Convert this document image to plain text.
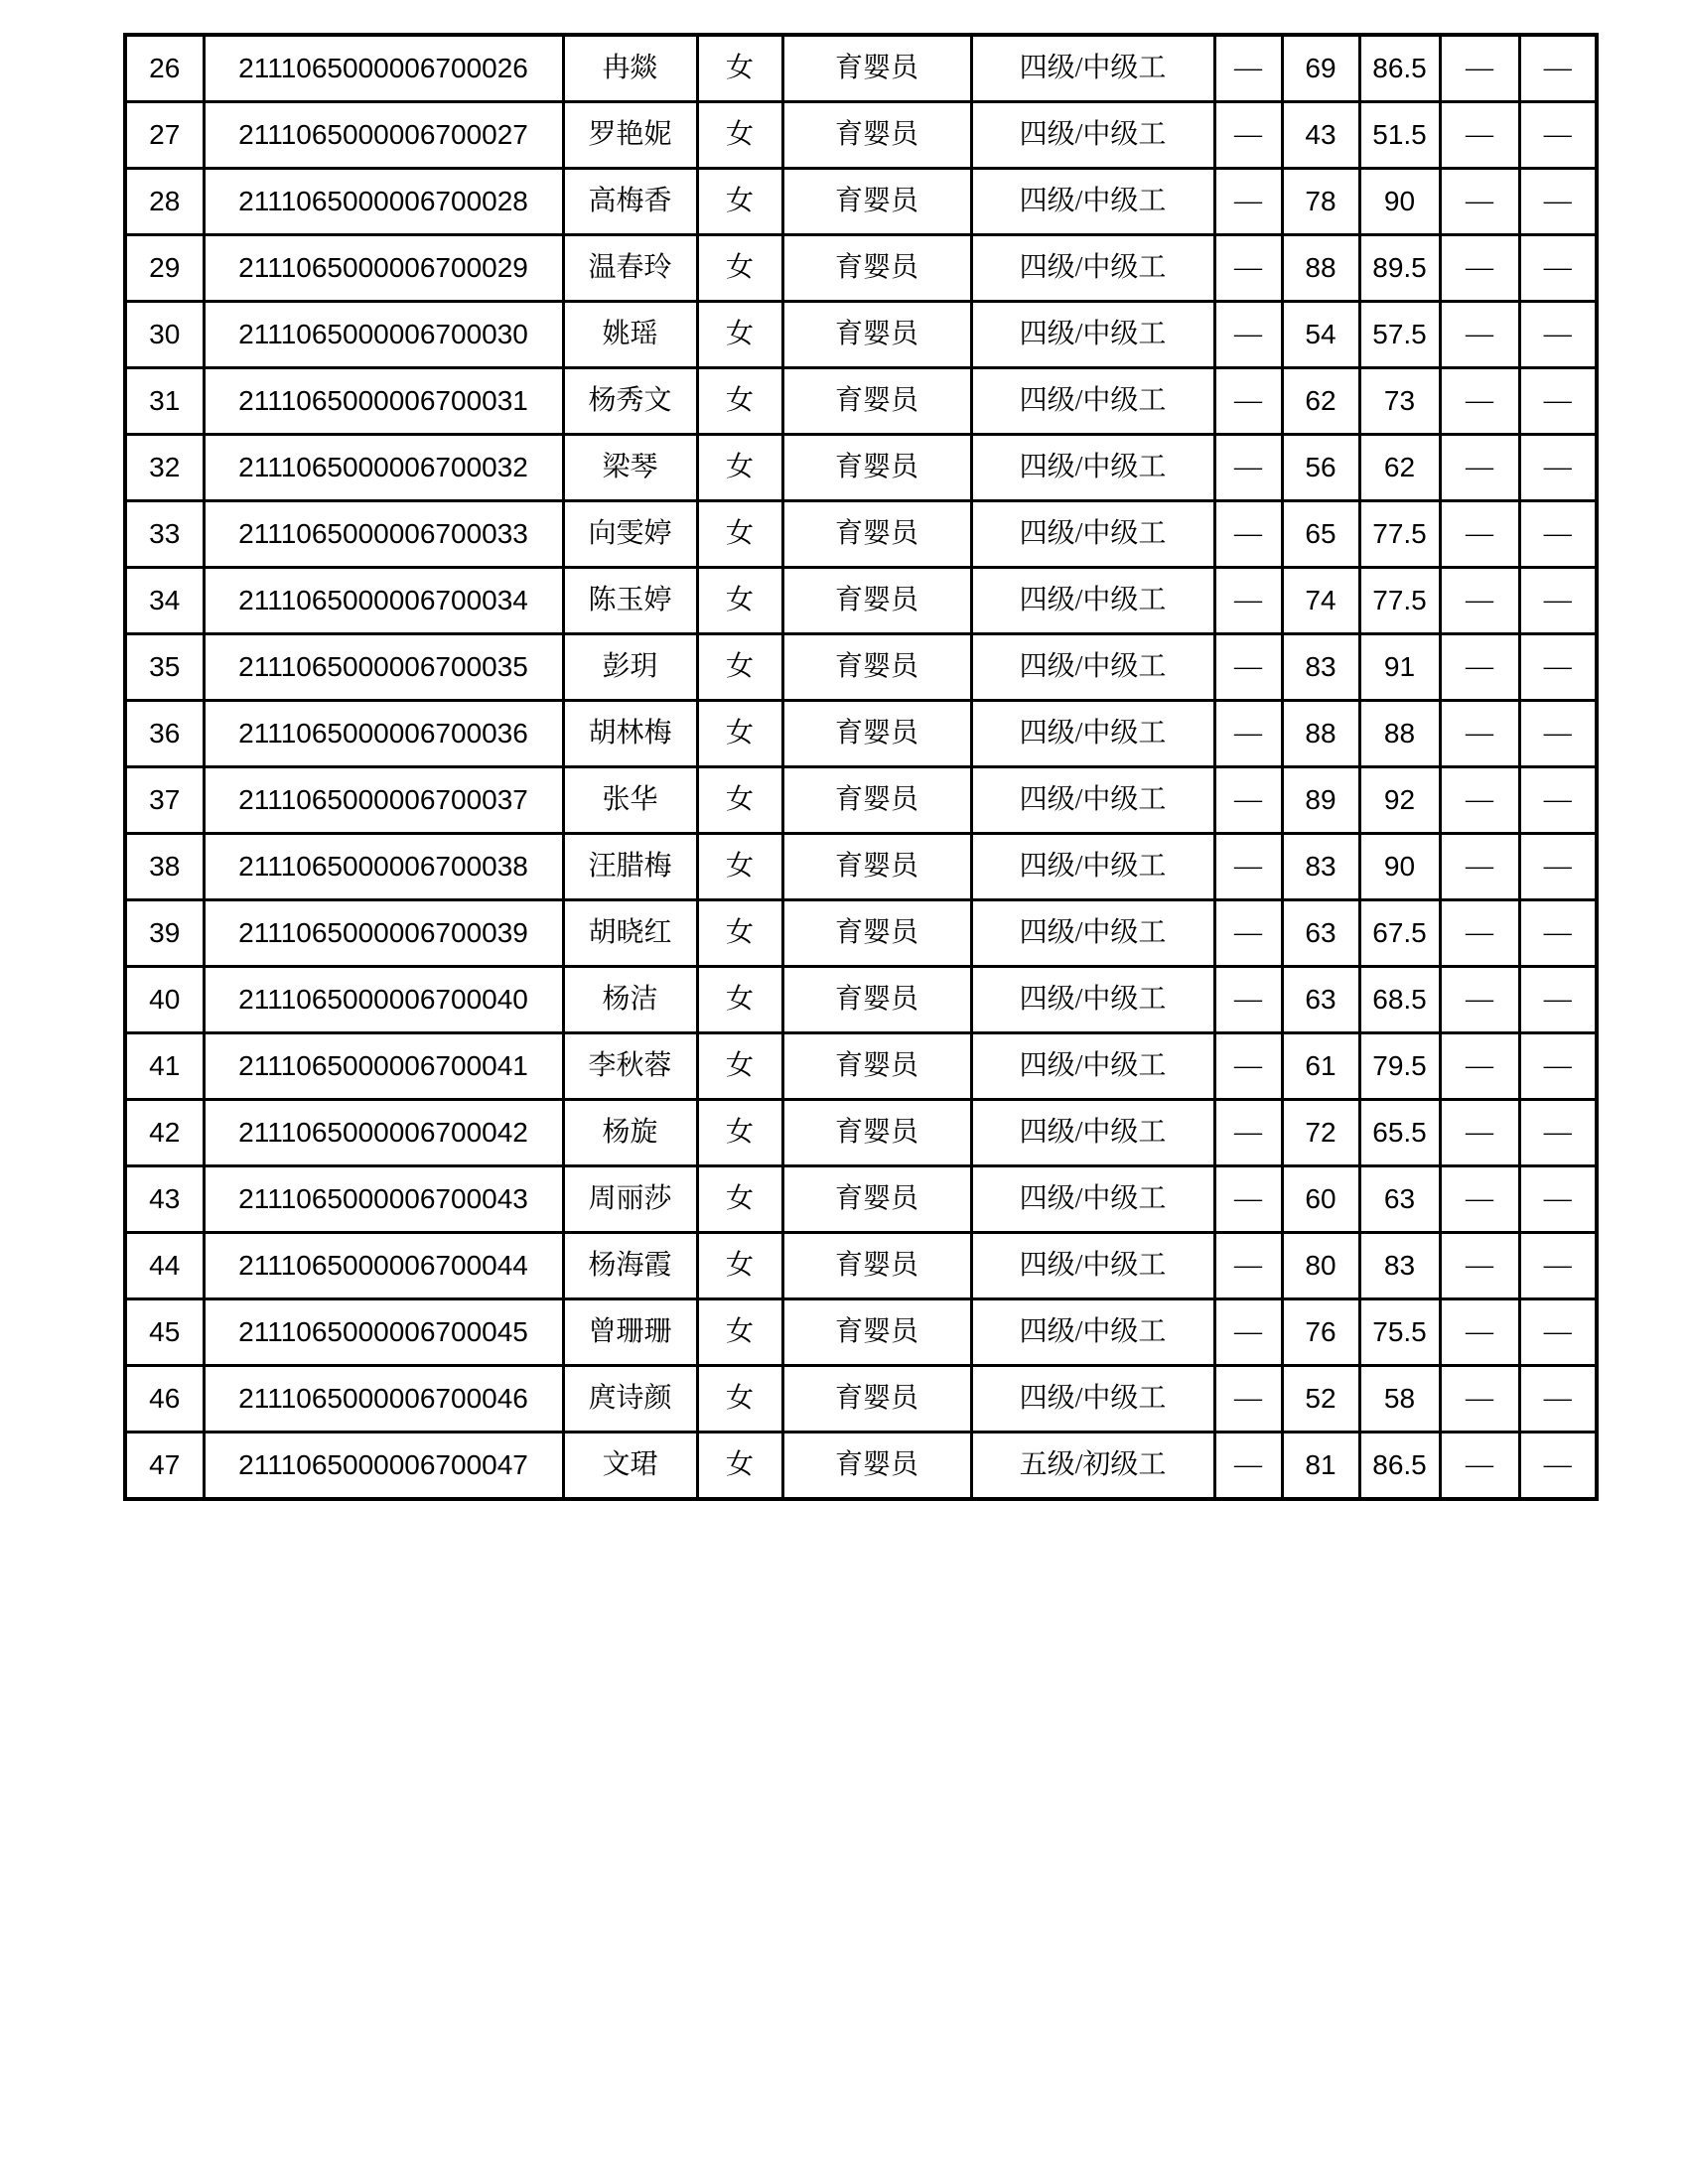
26	2111065000006700026	冉燚	女	育婴员	四级/中级工	—	69	86.5	—	—
27	2111065000006700027	罗艳妮	女	育婴员	四级/中级工	—	43	51.5	—	—
28	2111065000006700028	高梅香	女	育婴员	四级/中级工	—	78	90	—	—
29	2111065000006700029	温春玲	女	育婴员	四级/中级工	—	88	89.5	—	—
30	2111065000006700030	姚瑶	女	育婴员	四级/中级工	—	54	57.5	—	—
31	2111065000006700031	杨秀文	女	育婴员	四级/中级工	—	62	73	—	—
32	2111065000006700032	梁琴	女	育婴员	四级/中级工	—	56	62	—	—
33	2111065000006700033	向雯婷	女	育婴员	四级/中级工	—	65	77.5	—	—
34	2111065000006700034	陈玉婷	女	育婴员	四级/中级工	—	74	77.5	—	—
35	2111065000006700035	彭玥	女	育婴员	四级/中级工	—	83	91	—	—
36	2111065000006700036	胡林梅	女	育婴员	四级/中级工	—	88	88	—	—
37	2111065000006700037	张华	女	育婴员	四级/中级工	—	89	92	—	—
38	2111065000006700038	汪腊梅	女	育婴员	四级/中级工	—	83	90	—	—
39	2111065000006700039	胡晓红	女	育婴员	四级/中级工	—	63	67.5	—	—
40	2111065000006700040	杨洁	女	育婴员	四级/中级工	—	63	68.5	—	—
41	2111065000006700041	李秋蓉	女	育婴员	四级/中级工	—	61	79.5	—	—
42	2111065000006700042	杨旋	女	育婴员	四级/中级工	—	72	65.5	—	—
43	2111065000006700043	周丽莎	女	育婴员	四级/中级工	—	60	63	—	—
44	2111065000006700044	杨海霞	女	育婴员	四级/中级工	—	80	83	—	—
45	2111065000006700045	曾珊珊	女	育婴员	四级/中级工	—	76	75.5	—	—
46	2111065000006700046	庹诗颜	女	育婴员	四级/中级工	—	52	58	—	—
47	2111065000006700047	文珺	女	育婴员	五级/初级工	—	81	86.5	—	—
